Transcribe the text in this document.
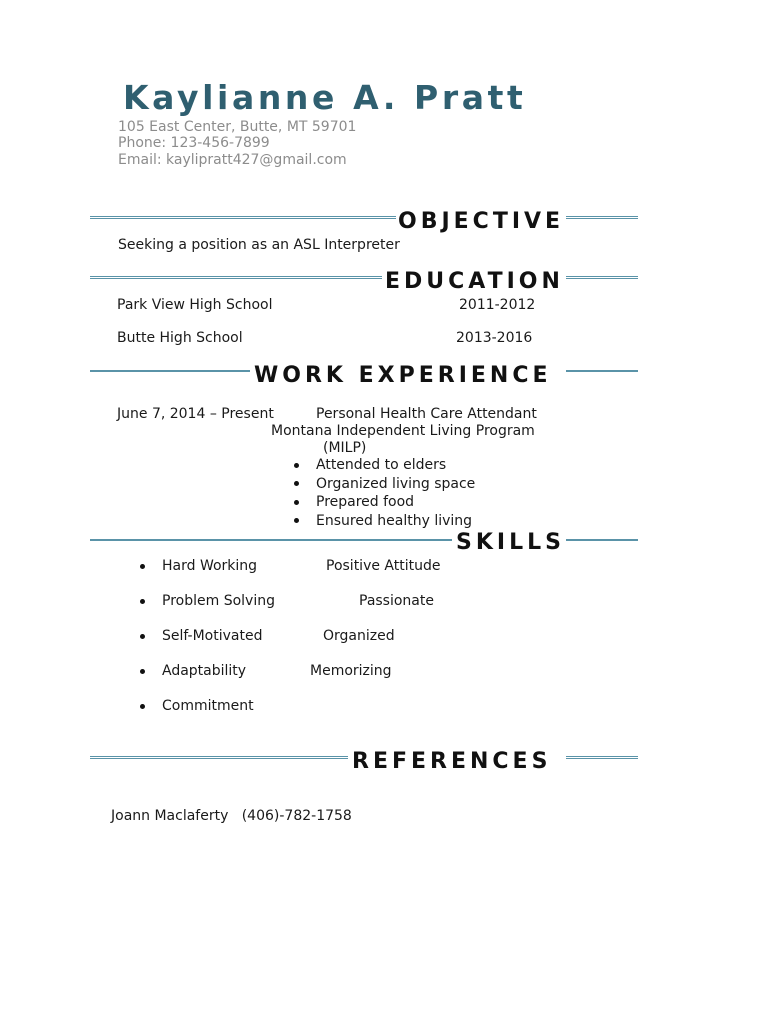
Kaylianne A. Pratt
105 East Center, Butte, MT 59701
Phone: 123-456-7899
Email: kaylipratt427@gmail.com
OBJECTIVE
Seeking a position as an ASL Interpreter
EDUCATION
Park View High School	2011-2012
Butte High School	2013-2016
WORK EXPERIENCE
June 7, 2014 – Present	Personal Health Care Attendant
Montana Independent Living Program
(MILP)
Attended to elders
Organized living space
Prepared food
Ensured healthy living
SKILLS
Hard Working	Positive Attitude
Problem Solving	Passionate
Self-Motivated	Organized
Adaptability	Memorizing
Commitment
REFERENCES
Joann Maclaferty   (406)-782-1758
